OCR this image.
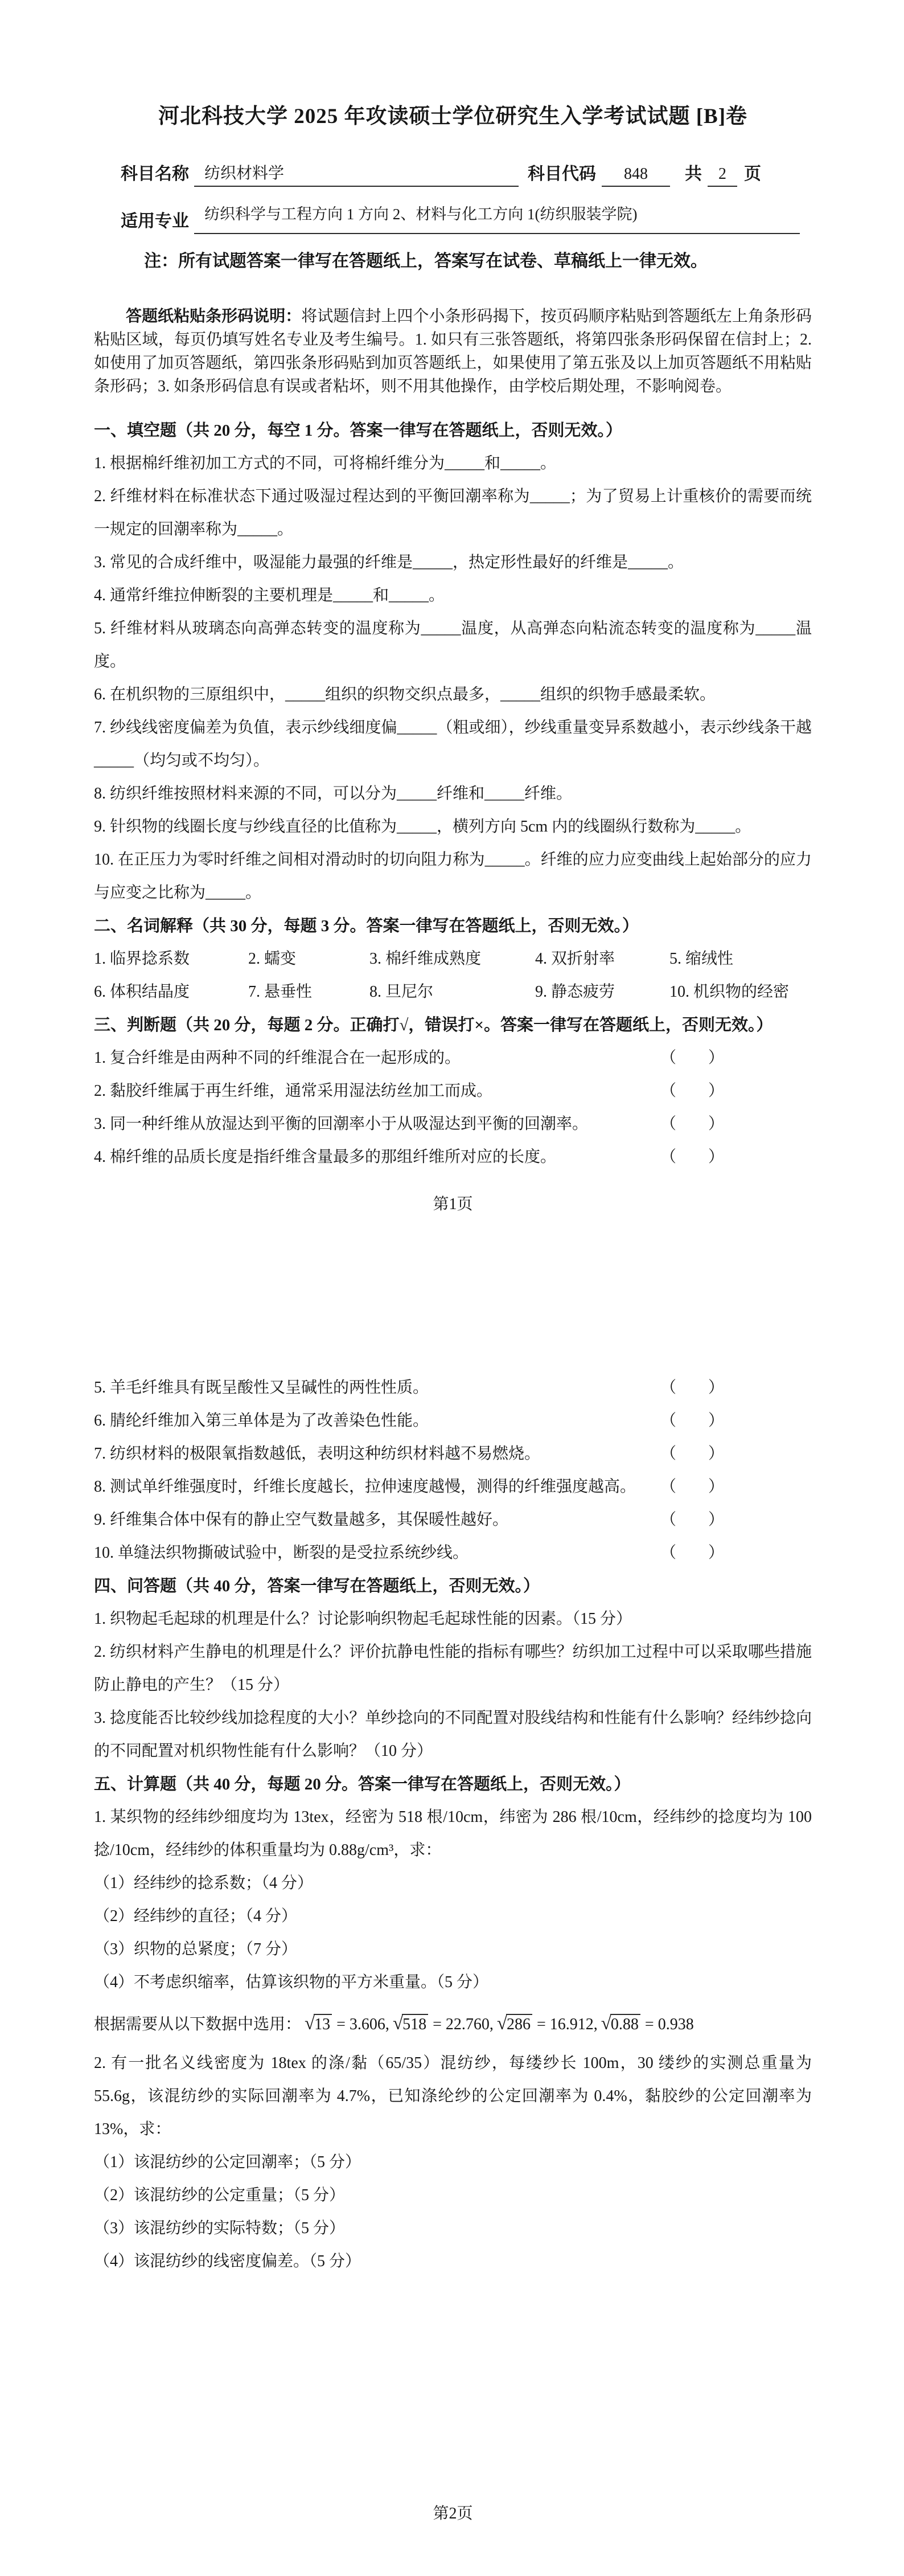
河北科技大学 2025 年攻读硕士学位研究生入学考试试题 [B]卷
科目名称 纺织材料学	科目代码	848	共	2	页
适用专业	纺织科学与工程方向 1 方向 2、材料与化工方向 1(纺织服装学院)
注：所有试题答案一律写在答题纸上，答案写在试卷、草稿纸上一律无效。

答题纸粘贴条形码说明：将试题信封上四个小条形码揭下，按页码顺序粘贴到答题纸左上角条形码粘贴区域，每页仍填写姓名专业及考生编号。1. 如只有三张答题纸，将第四张条形码保留在信封上；2. 如使用了加页答题纸，第四张条形码贴到加页答题纸上，如果使用了第五张及以上加页答题纸不用粘贴条形码；3. 如条形码信息有误或者粘坏，则不用其他操作，由学校后期处理，不影响阅卷。

一、填空题（共 20 分，每空 1 分。答案一律写在答题纸上，否则无效。）
1. 根据棉纤维初加工方式的不同，可将棉纤维分为_____和_____。
2. 纤维材料在标准状态下通过吸湿过程达到的平衡回潮率称为_____；为了贸易上计重核价的需要而统一规定的回潮率称为_____。
3. 常见的合成纤维中，吸湿能力最强的纤维是_____，热定形性最好的纤维是_____。
4. 通常纤维拉伸断裂的主要机理是_____和_____。
5. 纤维材料从玻璃态向高弹态转变的温度称为_____温度，从高弹态向粘流态转变的温度称为_____温度。
6. 在机织物的三原组织中，_____组织的织物交织点最多，_____组织的织物手感最柔软。
7. 纱线线密度偏差为负值，表示纱线细度偏_____（粗或细），纱线重量变异系数越小，表示纱线条干越_____（均匀或不均匀）。
8. 纺织纤维按照材料来源的不同，可以分为_____纤维和_____纤维。
9. 针织物的线圈长度与纱线直径的比值称为_____，横列方向 5cm 内的线圈纵行数称为_____。
10. 在正压力为零时纤维之间相对滑动时的切向阻力称为_____。纤维的应力应变曲线上起始部分的应力与应变之比称为_____。
二、名词解释（共 30 分，每题 3 分。答案一律写在答题纸上，否则无效。）
1. 临界捻系数	2. 蠕变	3. 棉纤维成熟度	4. 双折射率	5. 缩绒性
6. 体积结晶度	7. 悬垂性	8. 旦尼尔	9. 静态疲劳	10. 机织物的经密
三、判断题（共 20 分，每题 2 分。正确打√，错误打×。答案一律写在答题纸上，否则无效。）
1. 复合纤维是由两种不同的纤维混合在一起形成的。	（　　）
2. 黏胶纤维属于再生纤维，通常采用湿法纺丝加工而成。	（　　）
3. 同一种纤维从放湿达到平衡的回潮率小于从吸湿达到平衡的回潮率。	（　　）
4. 棉纤维的品质长度是指纤维含量最多的那组纤维所对应的长度。	（　　）
第1页
5. 羊毛纤维具有既呈酸性又呈碱性的两性性质。	（　　）
6. 腈纶纤维加入第三单体是为了改善染色性能。	（　　）
7. 纺织材料的极限氧指数越低，表明这种纺织材料越不易燃烧。	（　　）
8. 测试单纤维强度时，纤维长度越长，拉伸速度越慢，测得的纤维强度越高。 （　　）
9. 纤维集合体中保有的静止空气数量越多，其保暖性越好。	（　　）
10. 单缝法织物撕破试验中，断裂的是受拉系统纱线。	（　　）
四、问答题（共 40 分，答案一律写在答题纸上，否则无效。）
1. 织物起毛起球的机理是什么？讨论影响织物起毛起球性能的因素。（15 分）
2. 纺织材料产生静电的机理是什么？评价抗静电性能的指标有哪些？纺织加工过程中可以采取哪些措施防止静电的产生？（15 分）
3. 捻度能否比较纱线加捻程度的大小？单纱捻向的不同配置对股线结构和性能有什么影响？经纬纱捻向的不同配置对机织物性能有什么影响？（10 分）
五、计算题（共 40 分，每题 20 分。答案一律写在答题纸上，否则无效。）
1. 某织物的经纬纱细度均为 13tex，经密为 518 根/10cm，纬密为 286 根/10cm，经纬纱的捻度均为 100 捻/10cm，经纬纱的体积重量均为 0.88g/cm³，求：
（1）经纬纱的捻系数；（4 分）
（2）经纬纱的直径；（4 分）
（3）织物的总紧度；（7 分）
（4）不考虑织缩率，估算该织物的平方米重量。（5 分）
根据需要从以下数据中选用： √13 = 3.606, √518 = 22.760, √286 = 16.912, √0.88 = 0.938
2. 有一批名义线密度为 18tex 的涤/黏（65/35）混纺纱，每缕纱长 100m，30 缕纱的实测总重量为 55.6g，该混纺纱的实际回潮率为 4.7%，已知涤纶纱的公定回潮率为 0.4%，黏胶纱的公定回潮率为 13%，求：
（1）该混纺纱的公定回潮率；（5 分）
（2）该混纺纱的公定重量；（5 分）
（3）该混纺纱的实际特数；（5 分）
（4）该混纺纱的线密度偏差。（5 分）
第2页
